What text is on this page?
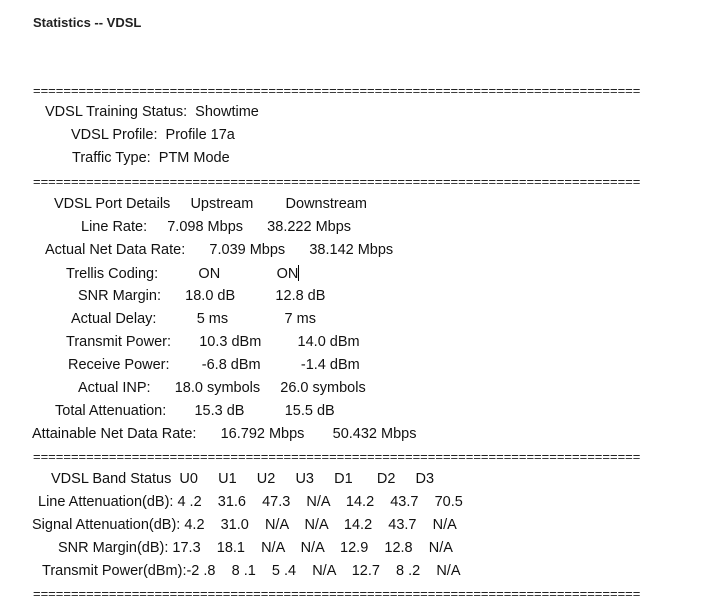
Statistics -- VDSL
================================================================================
VDSL Training Status:  Showtime
VDSL Profile:  Profile 17a
Traffic Type:  PTM Mode
================================================================================
VDSL Port Details     Upstream        Downstream
Line Rate:     7.098 Mbps      38.222 Mbps
Actual Net Data Rate:      7.039 Mbps      38.142 Mbps
Trellis Coding:          ON              ON
SNR Margin:      18.0 dB          12.8 dB
Actual Delay:          5 ms              7 ms
Transmit Power:       10.3 dBm         14.0 dBm
Receive Power:        -6.8 dBm          -1.4 dBm
Actual INP:      18.0 symbols     26.0 symbols
Total Attenuation:       15.3 dB          15.5 dB
Attainable Net Data Rate:      16.792 Mbps       50.432 Mbps
================================================================================
VDSL Band Status  U0     U1     U2     U3     D1      D2     D3
Line Attenuation(dB): 4 .2    31.6    47.3    N/A    14.2    43.7    70.5
Signal Attenuation(dB): 4.2    31.0    N/A    N/A    14.2    43.7    N/A
SNR Margin(dB): 17.3    18.1    N/A    N/A    12.9    12.8    N/A
Transmit Power(dBm):-2 .8    8 .1    5 .4    N/A    12.7    8 .2    N/A
================================================================================
